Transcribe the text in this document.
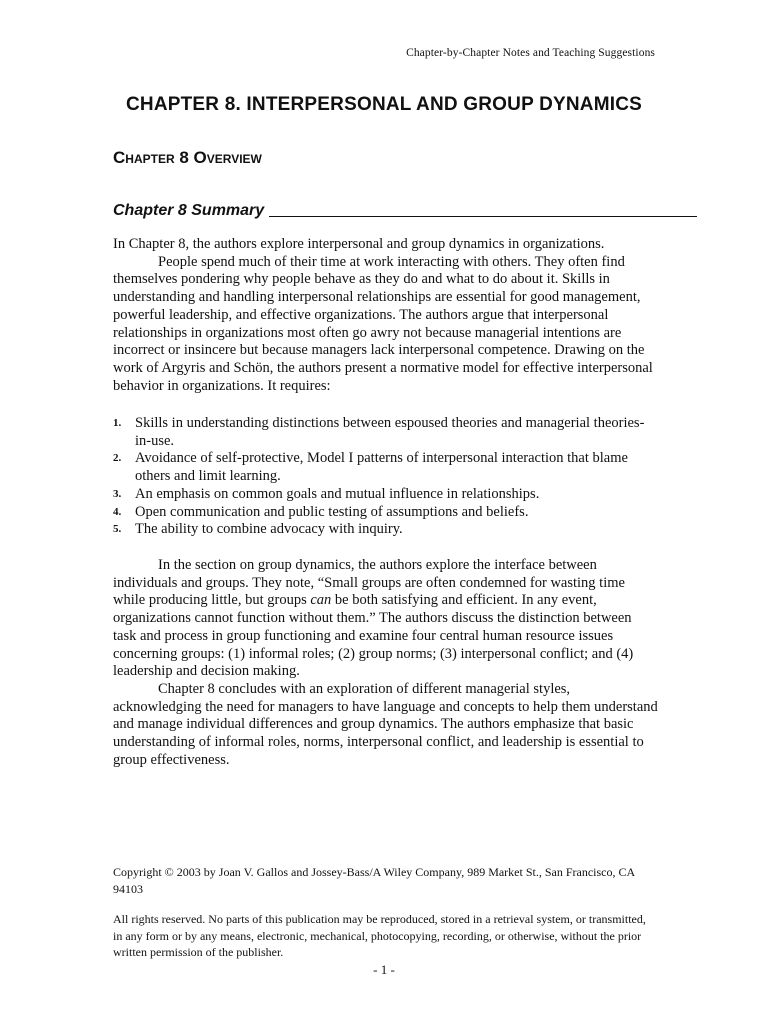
Chapter-by-Chapter Notes and Teaching Suggestions
CHAPTER 8. INTERPERSONAL AND GROUP DYNAMICS
Chapter 8 Overview
Chapter 8 Summary

In Chapter 8, the authors explore interpersonal and group dynamics in organizations.

People spend much of their time at work interacting with others. They often find themselves pondering why people behave as they do and what to do about it. Skills in understanding and handling interpersonal relationships are essential for good management, powerful leadership, and effective organizations. The authors argue that interpersonal relationships in organizations most often go awry not because managerial intentions are incorrect or insincere but because managers lack interpersonal competence. Drawing on the work of Argyris and Schön, the authors present a normative model for effective interpersonal behavior in organizations. It requires:

1. Skills in understanding distinctions between espoused theories and managerial theories-in-use.
2. Avoidance of self-protective, Model I patterns of interpersonal interaction that blame others and limit learning.
3. An emphasis on common goals and mutual influence in relationships.
4. Open communication and public testing of assumptions and beliefs.
5. The ability to combine advocacy with inquiry.

In the section on group dynamics, the authors explore the interface between individuals and groups. They note, “Small groups are often condemned for wasting time while producing little, but groups can be both satisfying and efficient. In any event, organizations cannot function without them.” The authors discuss the distinction between task and process in group functioning and examine four central human resource issues concerning groups: (1) informal roles; (2) group norms; (3) interpersonal conflict; and (4) leadership and decision making.

Chapter 8 concludes with an exploration of different managerial styles, acknowledging the need for managers to have language and concepts to help them understand and manage individual differences and group dynamics. The authors emphasize that basic understanding of informal roles, norms, interpersonal conflict, and leadership is essential to group effectiveness.

Copyright © 2003 by Joan V. Gallos and Jossey-Bass/A Wiley Company, 989 Market St., San Francisco, CA 94103
All rights reserved. No parts of this publication may be reproduced, stored in a retrieval system, or transmitted, in any form or by any means, electronic, mechanical, photocopying, recording, or otherwise, without the prior written permission of the publisher.
- 1 -
